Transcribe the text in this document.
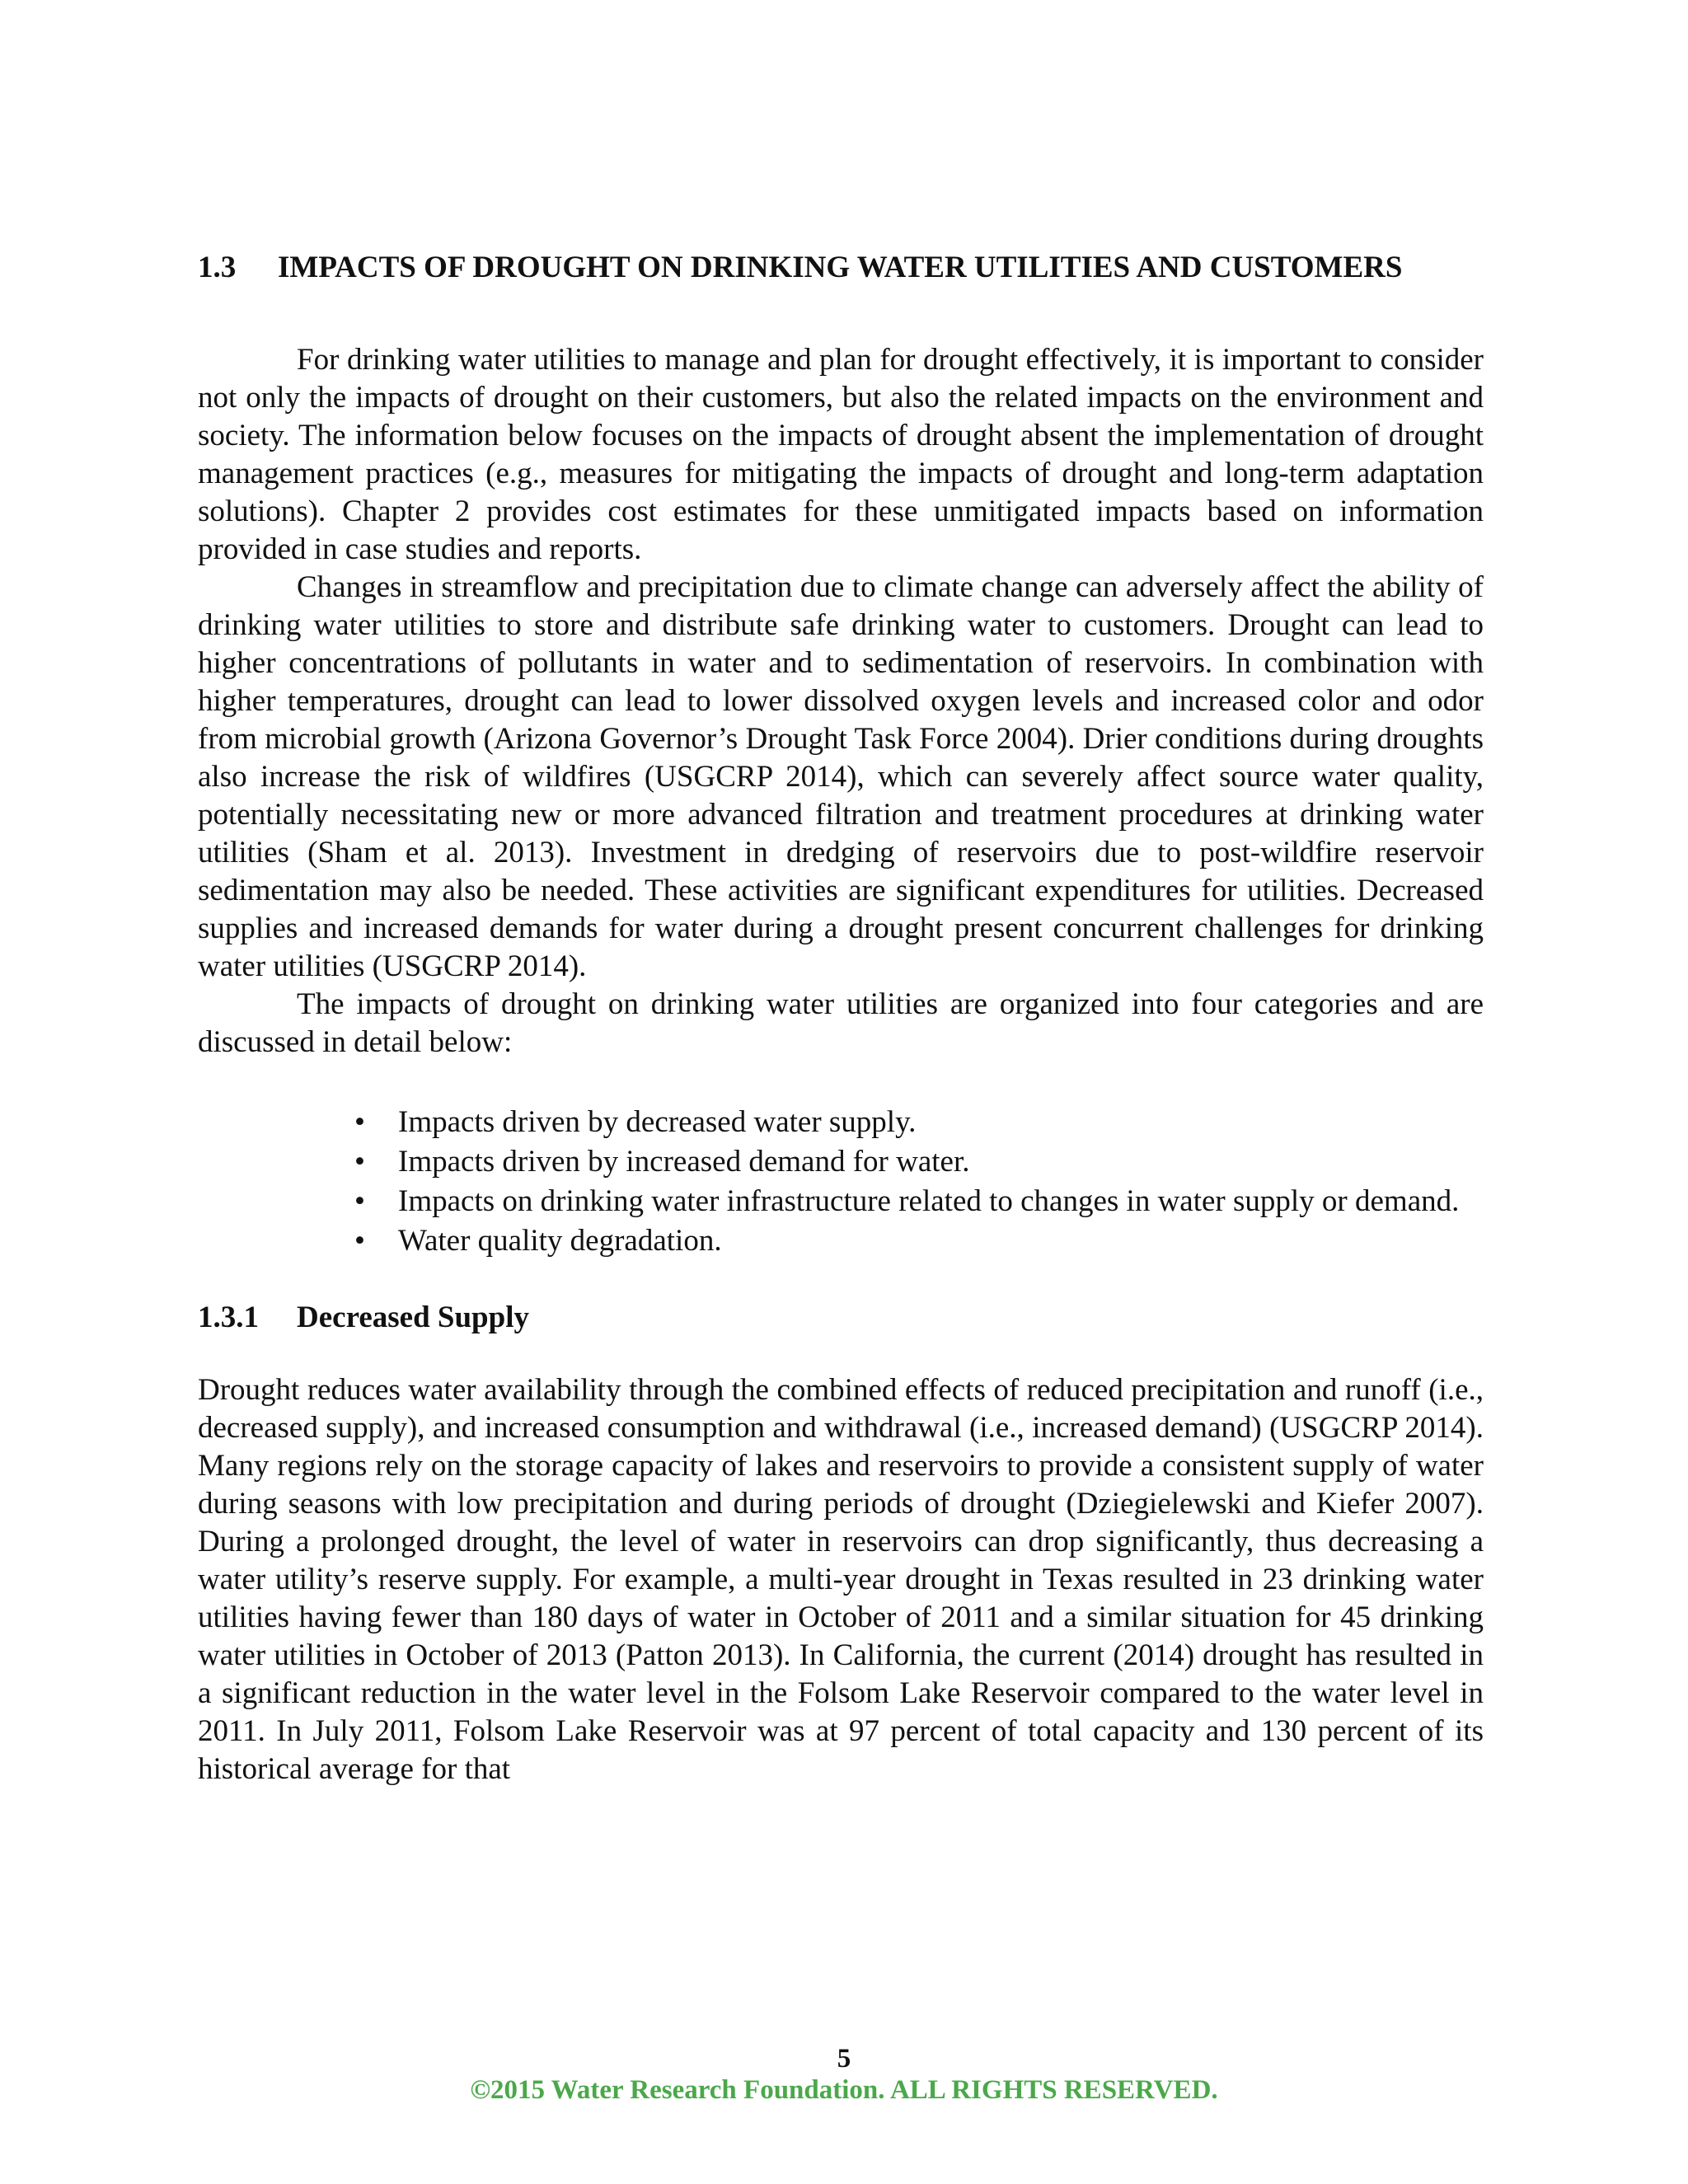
1.3	IMPACTS OF DROUGHT ON DRINKING WATER UTILITIES AND CUSTOMERS

For drinking water utilities to manage and plan for drought effectively, it is important to consider not only the impacts of drought on their customers, but also the related impacts on the environment and society. The information below focuses on the impacts of drought absent the implementation of drought management practices (e.g., measures for mitigating the impacts of drought and long-term adaptation solutions). Chapter 2 provides cost estimates for these unmitigated impacts based on information provided in case studies and reports.

Changes in streamflow and precipitation due to climate change can adversely affect the ability of drinking water utilities to store and distribute safe drinking water to customers. Drought can lead to higher concentrations of pollutants in water and to sedimentation of reservoirs. In combination with higher temperatures, drought can lead to lower dissolved oxygen levels and increased color and odor from microbial growth (Arizona Governor’s Drought Task Force 2004). Drier conditions during droughts also increase the risk of wildfires (USGCRP 2014), which can severely affect source water quality, potentially necessitating new or more advanced filtration and treatment procedures at drinking water utilities (Sham et al. 2013). Investment in dredging of reservoirs due to post-wildfire reservoir sedimentation may also be needed. These activities are significant expenditures for utilities. Decreased supplies and increased demands for water during a drought present concurrent challenges for drinking water utilities (USGCRP 2014).

The impacts of drought on drinking water utilities are organized into four categories and are discussed in detail below:

•	Impacts driven by decreased water supply.
•	Impacts driven by increased demand for water.
•	Impacts on drinking water infrastructure related to changes in water supply or demand.
•	Water quality degradation.
1.3.1	Decreased Supply

Drought reduces water availability through the combined effects of reduced precipitation and runoff (i.e., decreased supply), and increased consumption and withdrawal (i.e., increased demand) (USGCRP 2014). Many regions rely on the storage capacity of lakes and reservoirs to provide a consistent supply of water during seasons with low precipitation and during periods of drought (Dziegielewski and Kiefer 2007). During a prolonged drought, the level of water in reservoirs can drop significantly, thus decreasing a water utility’s reserve supply. For example, a multi-year drought in Texas resulted in 23 drinking water utilities having fewer than 180 days of water in October of 2011 and a similar situation for 45 drinking water utilities in October of 2013 (Patton 2013). In California, the current (2014) drought has resulted in a significant reduction in the water level in the Folsom Lake Reservoir compared to the water level in 2011. In July 2011, Folsom Lake Reservoir was at 97 percent of total capacity and 130 percent of its historical average for that

5
©2015 Water Research Foundation. ALL RIGHTS RESERVED.
